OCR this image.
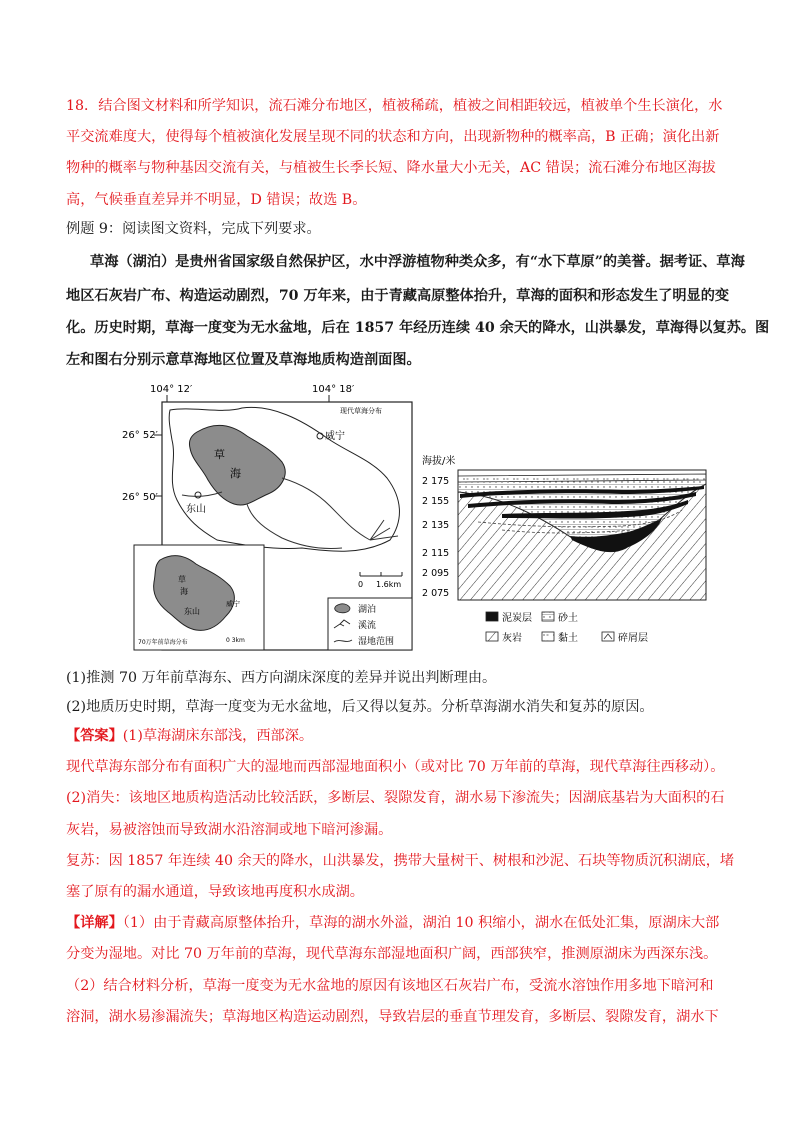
18．结合图文材料和所学知识，流石滩分布地区，植被稀疏，植被之间相距较远，植被单个生长演化，水
平交流难度大，使得每个植被演化发展呈现不同的状态和方向，出现新物种的概率高，B 正确；演化出新
物种的概率与物种基因交流有关，与植被生长季长短、降水量大小无关，AC 错误；流石滩分布地区海拔
高，气候垂直差异并不明显，D 错误；故选 B。
例题 9：阅读图文资料，完成下列要求。
草海（湖泊）是贵州省国家级自然保护区，水中浮游植物种类众多，有“水下草原”的美誉。据考证、草海
地区石灰岩广布、构造运动剧烈，70 万年来，由于青藏高原整体抬升，草海的面积和形态发生了明显的变
化。历史时期，草海一度变为无水盆地，后在 1857 年经历连续 40 余天的降水，山洪暴发，草海得以复苏。图
左和图右分别示意草海地区位置及草海地质构造剖面图。
104° 12′	104° 18′
26° 52′
26° 50′
现代草海分布
草
海
威宁
东山
草
海
威宁
东山
70万年前草海分布	0 3km
0 1.6km
湖泊
溪流
湿地范围
海拔/米
2 175
2 155
2 135
2 115
2 095
2 075
泥炭层	砂土
灰岩	黏土	碎屑层
(1)推测 70 万年前草海东、西方向湖床深度的差异并说出判断理由。
(2)地质历史时期，草海一度变为无水盆地，后又得以复苏。分析草海湖水消失和复苏的原因。
【答案】(1)草海湖床东部浅，西部深。
现代草海东部分布有面积广大的湿地而西部湿地面积小（或对比 70 万年前的草海，现代草海往西移动）。
(2)消失：该地区地质构造活动比较活跃，多断层、裂隙发育，湖水易下渗流失；因湖底基岩为大面积的石
灰岩，易被溶蚀而导致湖水沿溶洞或地下暗河渗漏。
复苏：因 1857 年连续 40 余天的降水，山洪暴发，携带大量树干、树根和沙泥、石块等物质沉积湖底，堵
塞了原有的漏水通道，导致该地再度积水成湖。
【详解】（1）由于青藏高原整体抬升，草海的湖水外溢，湖泊 10 积缩小，湖水在低处汇集，原湖床大部
分变为湿地。对比 70 万年前的草海，现代草海东部湿地面积广阔，西部狭窄，推测原湖床为西深东浅。
（2）结合材料分析，草海一度变为无水盆地的原因有该地区石灰岩广布，受流水溶蚀作用多地下暗河和
溶洞，湖水易渗漏流失；草海地区构造运动剧烈，导致岩层的垂直节理发育，多断层、裂隙发育，湖水下
